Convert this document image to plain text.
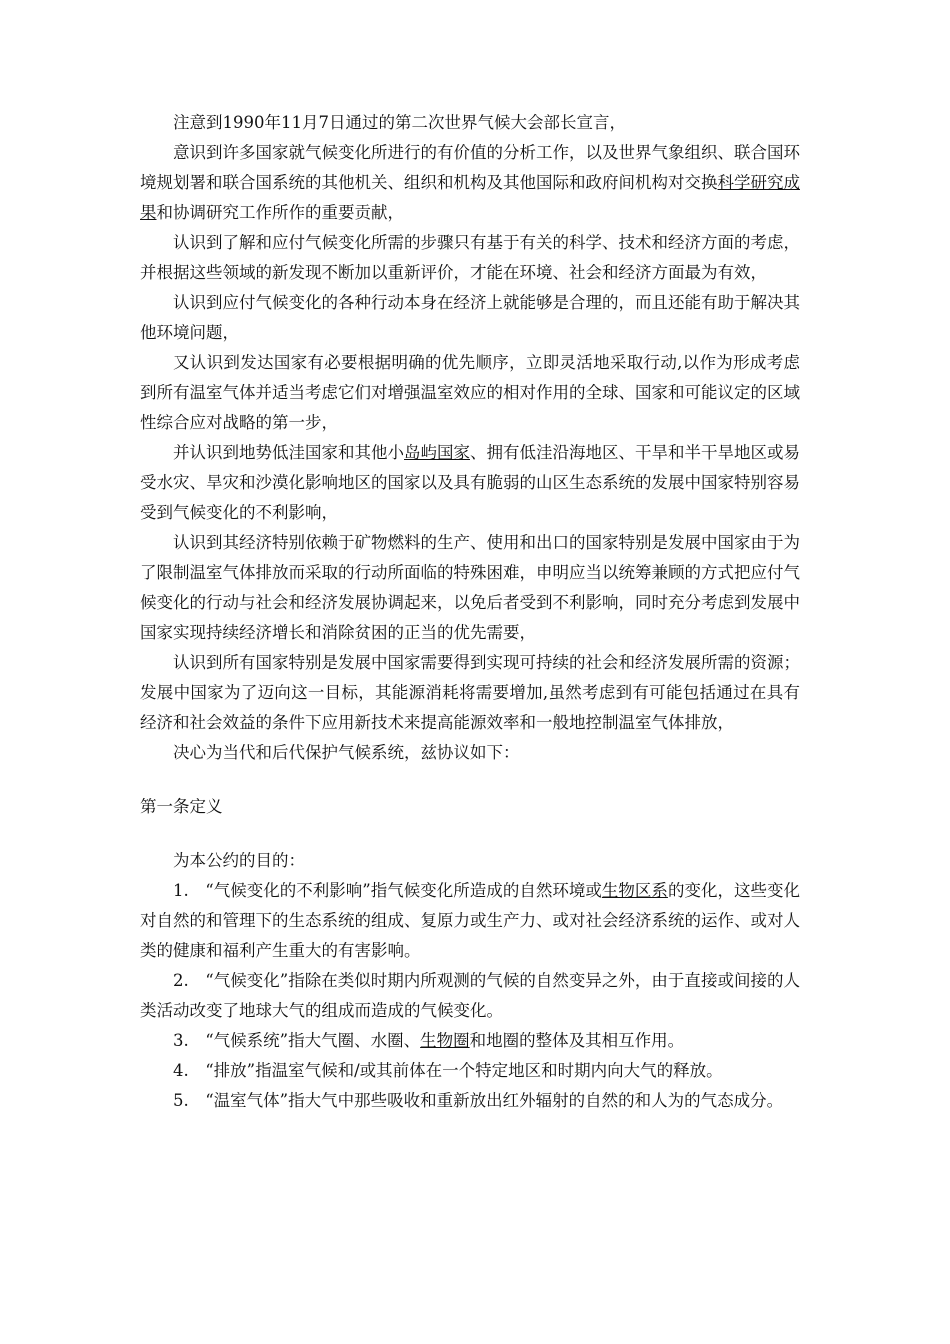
注意到1990年11月7日通过的第二次世界气候大会部长宣言，

意识到许多国家就气候变化所进行的有价值的分析工作，以及世界气象组织、联合国环境规划署和联合国系统的其他机关、组织和机构及其他国际和政府间机构对交换科学研究成果和协调研究工作所作的重要贡献，

认识到了解和应付气候变化所需的步骤只有基于有关的科学、技术和经济方面的考虑，并根据这些领域的新发现不断加以重新评价，才能在环境、社会和经济方面最为有效，

认识到应付气候变化的各种行动本身在经济上就能够是合理的，而且还能有助于解决其他环境问题，

又认识到发达国家有必要根据明确的优先顺序，立即灵活地采取行动,以作为形成考虑到所有温室气体并适当考虑它们对增强温室效应的相对作用的全球、国家和可能议定的区域性综合应对战略的第一步，

并认识到地势低洼国家和其他小岛屿国家、拥有低洼沿海地区、干旱和半干旱地区或易受水灾、旱灾和沙漠化影响地区的国家以及具有脆弱的山区生态系统的发展中国家特别容易受到气候变化的不利影响，

认识到其经济特别依赖于矿物燃料的生产、使用和出口的国家特别是发展中国家由于为了限制温室气体排放而采取的行动所面临的特殊困难，申明应当以统筹兼顾的方式把应付气候变化的行动与社会和经济发展协调起来，以免后者受到不利影响，同时充分考虑到发展中国家实现持续经济增长和消除贫困的正当的优先需要，

认识到所有国家特别是发展中国家需要得到实现可持续的社会和经济发展所需的资源；发展中国家为了迈向这一目标，其能源消耗将需要增加,虽然考虑到有可能包括通过在具有经济和社会效益的条件下应用新技术来提高能源效率和一般地控制温室气体排放，

决心为当代和后代保护气候系统，兹协议如下：

第一条定义

为本公约的目的：

1.　“气候变化的不利影响”指气候变化所造成的自然环境或生物区系的变化，这些变化对自然的和管理下的生态系统的组成、复原力或生产力、或对社会经济系统的运作、或对人类的健康和福利产生重大的有害影响。

2.　“气候变化”指除在类似时期内所观测的气候的自然变异之外，由于直接或间接的人类活动改变了地球大气的组成而造成的气候变化。

3.　“气候系统”指大气圈、水圈、生物圈和地圈的整体及其相互作用。

4.　“排放”指温室气候和/或其前体在一个特定地区和时期内向大气的释放。

5.　“温室气体”指大气中那些吸收和重新放出红外辐射的自然的和人为的气态成分。
